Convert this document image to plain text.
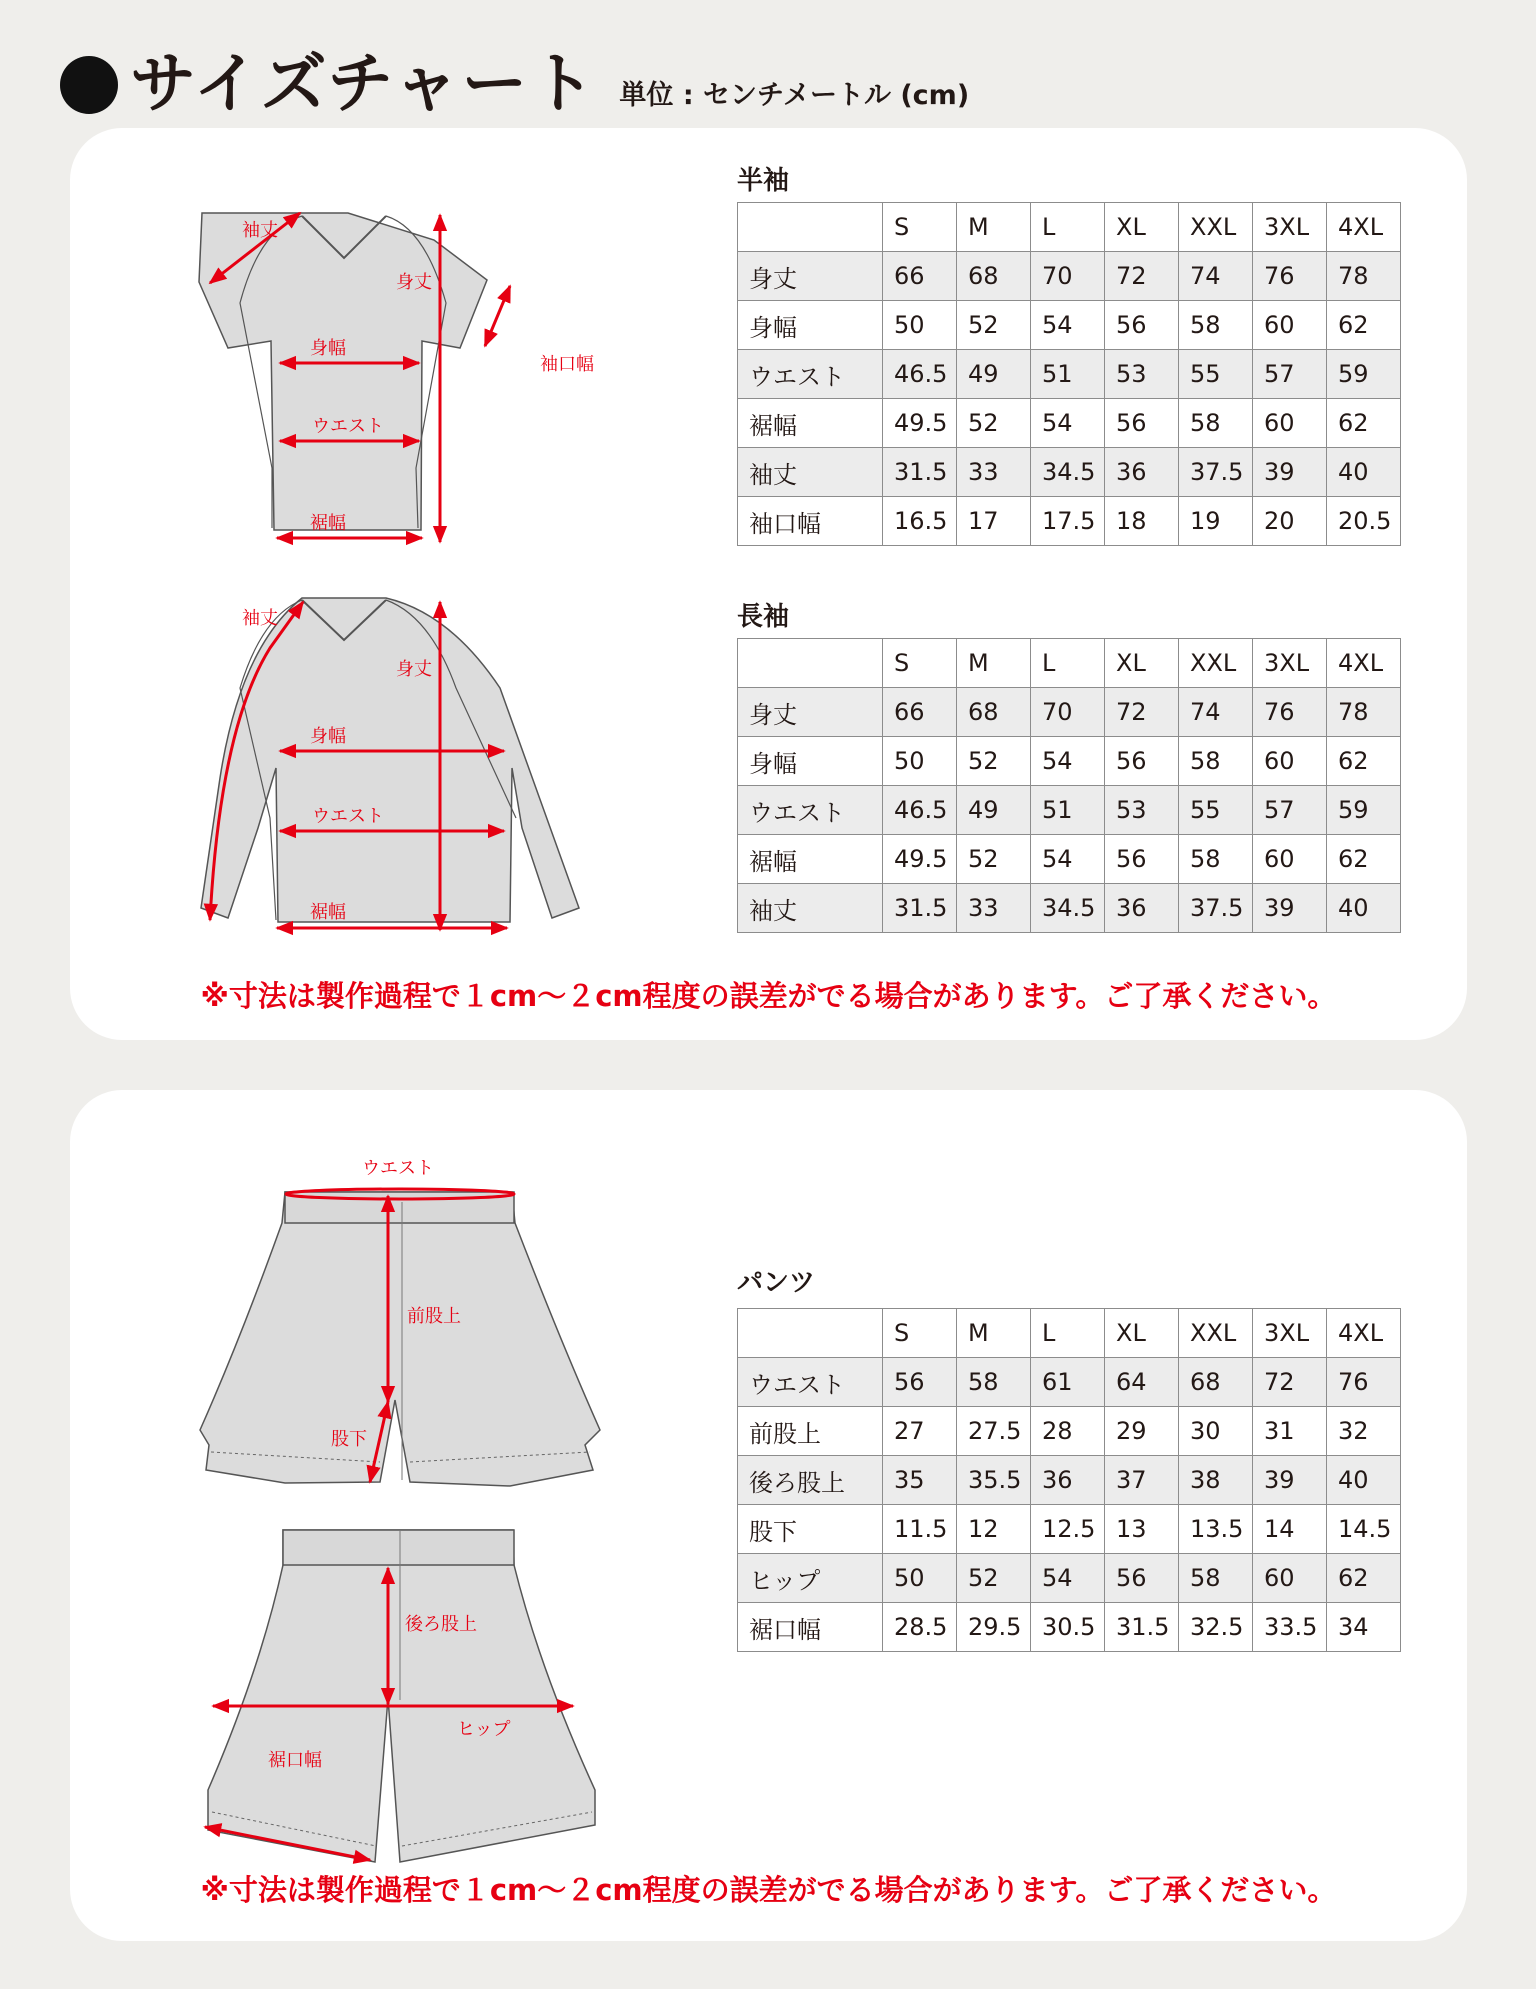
サイズチャート 単位 : センチメートル (cm)
袖丈
身丈
身幅
ウエスト
裾幅
袖口幅
袖丈
身丈
身幅
ウエスト
裾幅
半袖
	S	M	L	XL	XXL	3XL	4XL
身丈	66	68	70	72	74	76	78
身幅	50	52	54	56	58	60	62
ウエスト	46.5	49	51	53	55	57	59
裾幅	49.5	52	54	56	58	60	62
袖丈	31.5	33	34.5	36	37.5	39	40
袖口幅	16.5	17	17.5	18	19	20	20.5
長袖
	S	M	L	XL	XXL	3XL	4XL
身丈	66	68	70	72	74	76	78
身幅	50	52	54	56	58	60	62
ウエスト	46.5	49	51	53	55	57	59
裾幅	49.5	52	54	56	58	60	62
袖丈	31.5	33	34.5	36	37.5	39	40
※寸法は製作過程で１cm～２cm程度の誤差がでる場合があります。ご了承ください。
ウエスト
前股上
股下
後ろ股上
ヒップ
裾口幅
パンツ
	S	M	L	XL	XXL	3XL	4XL
ウエスト	56	58	61	64	68	72	76
前股上	27	27.5	28	29	30	31	32
後ろ股上	35	35.5	36	37	38	39	40
股下	11.5	12	12.5	13	13.5	14	14.5
ヒップ	50	52	54	56	58	60	62
裾口幅	28.5	29.5	30.5	31.5	32.5	33.5	34
※寸法は製作過程で１cm～２cm程度の誤差がでる場合があります。ご了承ください。
